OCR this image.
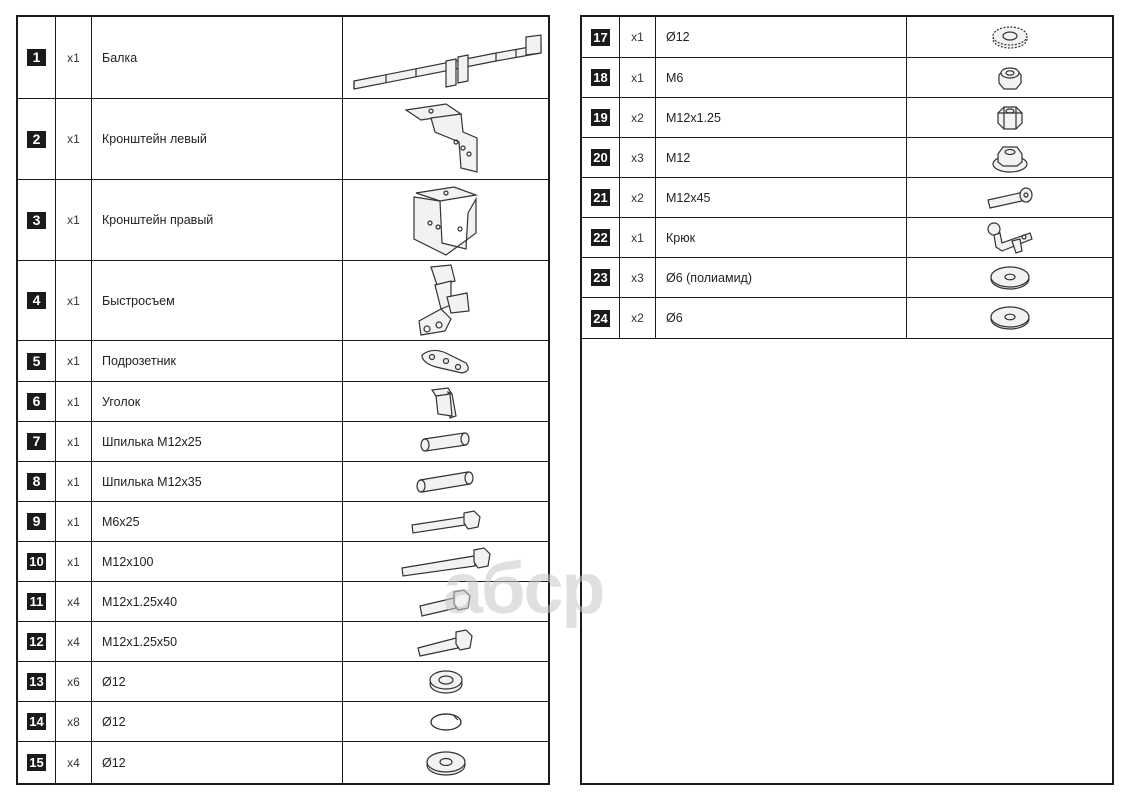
1	x1	Балка
2	x1	Кронштейн левый
3	x1	Кронштейн правый
4	x1	Быстросъем
5	x1	Подрозетник
6	x1	Уголок
7	x1	Шпилька М12х25
8	x1	Шпилька М12х35
9	x1	М6х25
10	x1	М12х100
11	x4	М12х1.25х40
12	x4	М12х1.25х50
13	x6	Ø12
14	x8	Ø12
15	x4	Ø12
17	x1	Ø12
18	x1	М6
19	x2	М12х1.25
20	x3	М12
21	x2	М12х45
22	x1	Крюк
23	x3	Ø6 (полиамид)
24	x2	Ø6
aбcp
